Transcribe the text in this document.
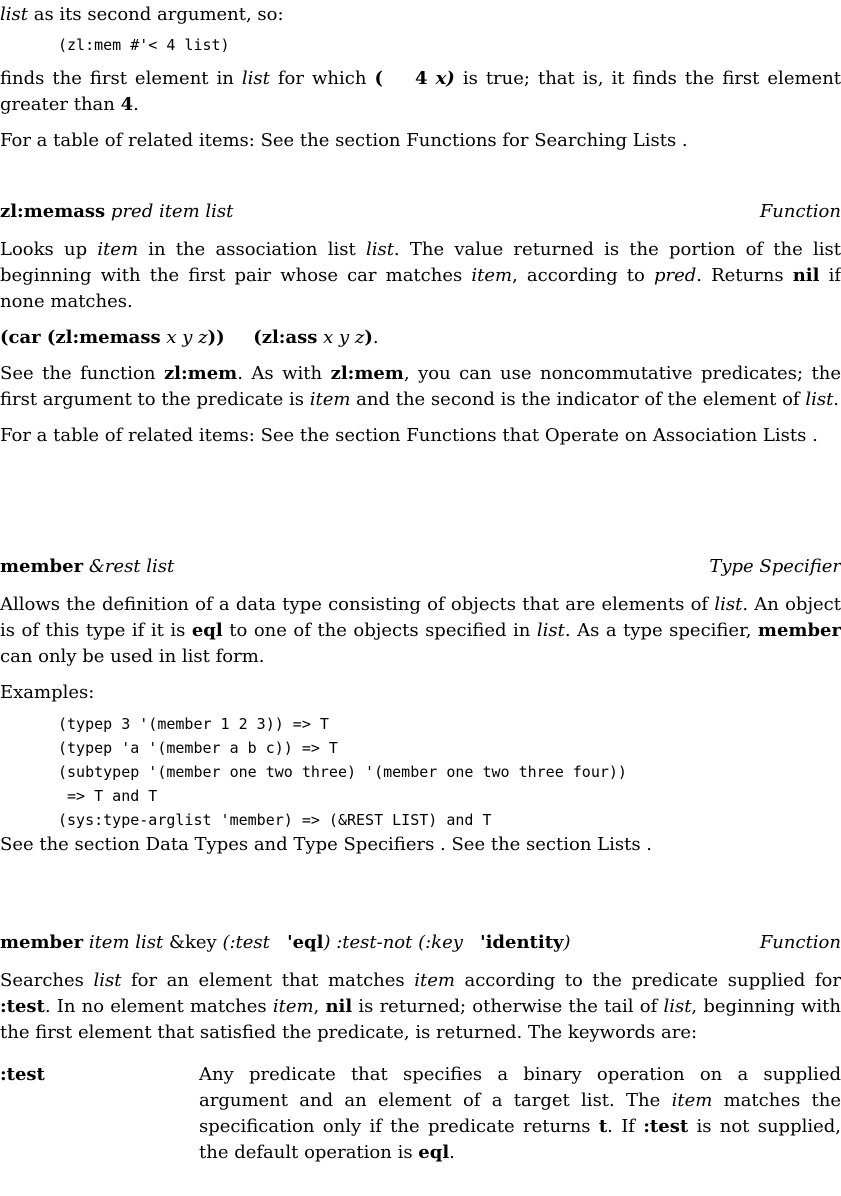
list as its second argument, so:

(zl:mem #'< 4 list)

finds the first element in list for which ( 4 x) is true; that is, it finds the first element greater than 4.

For a table of related items: See the section Functions for Searching Lists .

zl:memass pred item list	Function

Looks up item in the association list list. The value returned is the portion of the list beginning with the first pair whose car matches item, according to pred. Returns nil if none matches.

(car (zl:memass x y z)) (zl:ass x y z).

See the function zl:mem. As with zl:mem, you can use noncommutative predicates; the first argument to the predicate is item and the second is the indicator of the element of list.

For a table of related items: See the section Functions that Operate on Association Lists .

member &rest list	Type Specifier

Allows the definition of a data type consisting of objects that are elements of list. An object is of this type if it is eql to one of the objects specified in list. As a type specifier, member can only be used in list form.

Examples:

(typep 3 '(member 1 2 3)) => T
(typep 'a '(member a b c)) => T
(subtypep '(member one two three) '(member one two three four))
=> T and T
(sys:type-arglist 'member) => (&REST LIST) and T

See the section Data Types and Type Specifiers . See the section Lists .

member item list &key (:test 'eql) :test-not (:key 'identity)	Function

Searches list for an element that matches item according to the predicate supplied for :test. In no element matches item, nil is returned; otherwise the tail of list, beginning with the first element that satisfied the predicate, is returned. The keywords are:

:test	Any predicate that specifies a binary operation on a supplied argument and an element of a target list. The item matches the specification only if the predicate returns t. If :test is not supplied, the default operation is eql.
